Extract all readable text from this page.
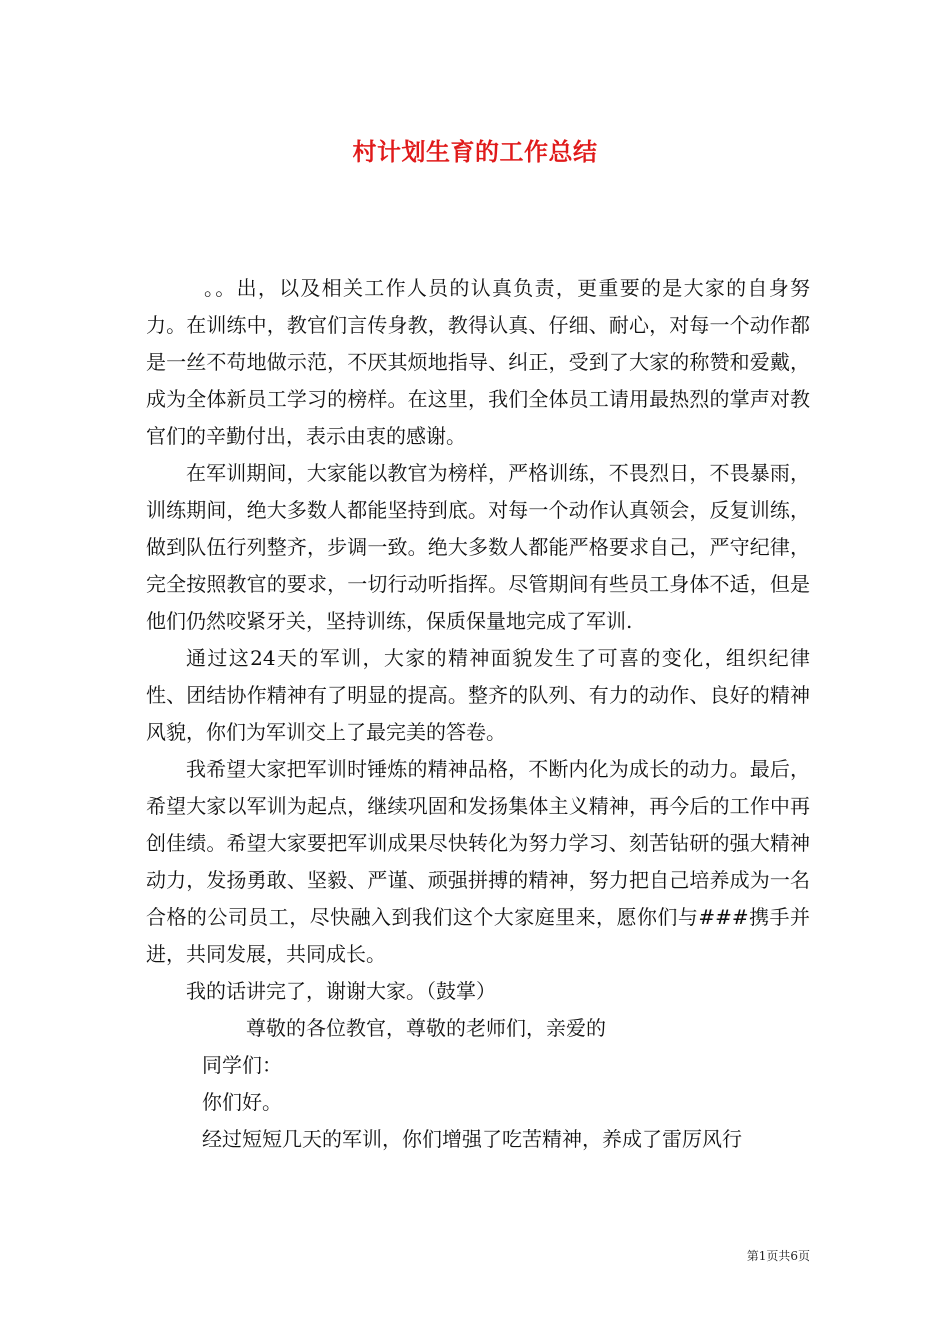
村计划生育的工作总结

。。出，以及相关工作人员的认真负责，更重要的是大家的自身努力。在训练中，教官们言传身教，教得认真、仔细、耐心，对每一个动作都是一丝不苟地做示范，不厌其烦地指导、纠正，受到了大家的称赞和爱戴，成为全体新员工学习的榜样。在这里，我们全体员工请用最热烈的掌声对教官们的辛勤付出，表示由衷的感谢。

在军训期间，大家能以教官为榜样，严格训练，不畏烈日，不畏暴雨，训练期间，绝大多数人都能坚持到底。对每一个动作认真领会，反复训练，做到队伍行列整齐，步调一致。绝大多数人都能严格要求自己，严守纪律，完全按照教官的要求，一切行动听指挥。尽管期间有些员工身体不适，但是他们仍然咬紧牙关，坚持训练，保质保量地完成了军训.

通过这24天的军训，大家的精神面貌发生了可喜的变化，组织纪律性、团结协作精神有了明显的提高。整齐的队列、有力的动作、良好的精神风貌，你们为军训交上了最完美的答卷。

我希望大家把军训时锤炼的精神品格，不断内化为成长的动力。最后，希望大家以军训为起点，继续巩固和发扬集体主义精神，再今后的工作中再创佳绩。希望大家要把军训成果尽快转化为努力学习、刻苦钻研的强大精神动力，发扬勇敢、坚毅、严谨、顽强拼搏的精神，努力把自己培养成为一名合格的公司员工，尽快融入到我们这个大家庭里来，愿你们与###携手并进，共同发展，共同成长。

我的话讲完了，谢谢大家。（鼓掌）

尊敬的各位教官，尊敬的老师们，亲爱的

同学们：

你们好。

经过短短几天的军训，你们增强了吃苦精神，养成了雷厉风行

第1页共6页
